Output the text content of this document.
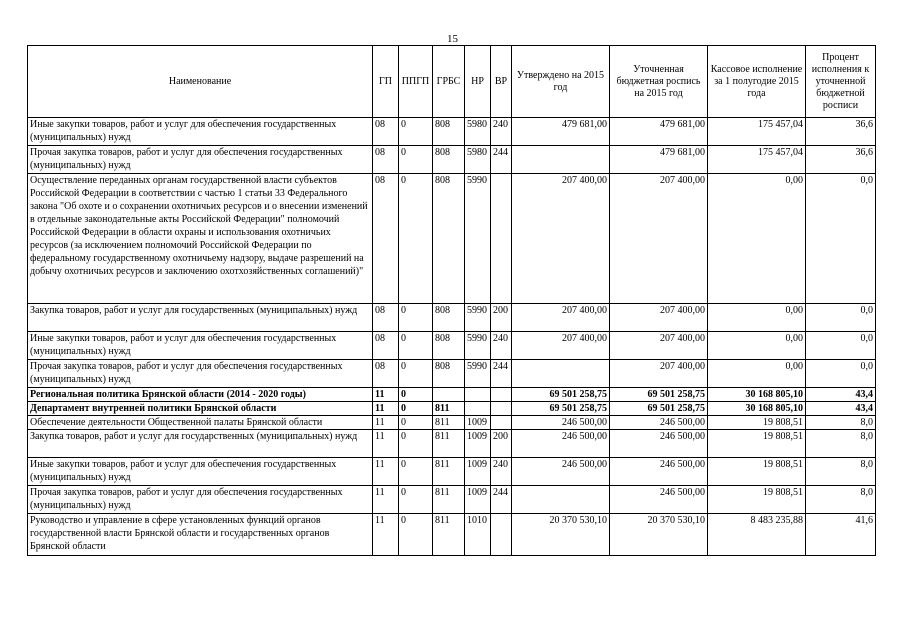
15
Наименование	ГП	ППГП	ГРБС	НР	ВР	Утверждено на 2015 год	Уточненная бюджетная роспись на 2015 год	Кассовое исполнение за 1 полугодие 2015 года	Процент исполнения к уточненной бюджетной росписи
Иные закупки товаров, работ и услуг для обеспечения государственных (муниципальных) нужд	08	0	808	5980	240	479 681,00	479 681,00	175 457,04	36,6
Прочая закупка товаров, работ и услуг для обеспечения государственных (муниципальных) нужд	08	0	808	5980	244		479 681,00	175 457,04	36,6
Осуществление переданных органам государственной власти субъектов Российской Федерации в соответствии с частью 1 статьи 33 Федерального закона "Об охоте и о сохранении охотничьих ресурсов и о внесении изменений в отдельные законодательные акты Российской Федерации" полномочий Российской Федерации в области охраны и использования охотничьих ресурсов (за исключением полномочий Российской Федерации по федеральному государственному охотничьему надзору, выдаче разрешений на добычу охотничьих ресурсов и заключению охотхозяйственных соглашений)"	08	0	808	5990		207 400,00	207 400,00	0,00	0,0
Закупка товаров, работ и услуг для государственных (муниципальных) нужд	08	0	808	5990	200	207 400,00	207 400,00	0,00	0,0
Иные закупки товаров, работ и услуг для обеспечения государственных (муниципальных) нужд	08	0	808	5990	240	207 400,00	207 400,00	0,00	0,0
Прочая закупка товаров, работ и услуг для обеспечения государственных (муниципальных) нужд	08	0	808	5990	244		207 400,00	0,00	0,0
Региональная политика Брянской области (2014 - 2020 годы)	11	0				69 501 258,75	69 501 258,75	30 168 805,10	43,4
Департамент внутренней политики Брянской области	11	0	811			69 501 258,75	69 501 258,75	30 168 805,10	43,4
Обеспечение деятельности Общественной палаты Брянской области	11	0	811	1009		246 500,00	246 500,00	19 808,51	8,0
Закупка товаров, работ и услуг для государственных (муниципальных) нужд	11	0	811	1009	200	246 500,00	246 500,00	19 808,51	8,0
Иные закупки товаров, работ и услуг для обеспечения государственных (муниципальных) нужд	11	0	811	1009	240	246 500,00	246 500,00	19 808,51	8,0
Прочая закупка товаров, работ и услуг для обеспечения государственных (муниципальных) нужд	11	0	811	1009	244		246 500,00	19 808,51	8,0
Руководство и управление в сфере установленных функций органов государственной власти Брянской области и государственных органов Брянской области	11	0	811	1010		20 370 530,10	20 370 530,10	8 483 235,88	41,6
